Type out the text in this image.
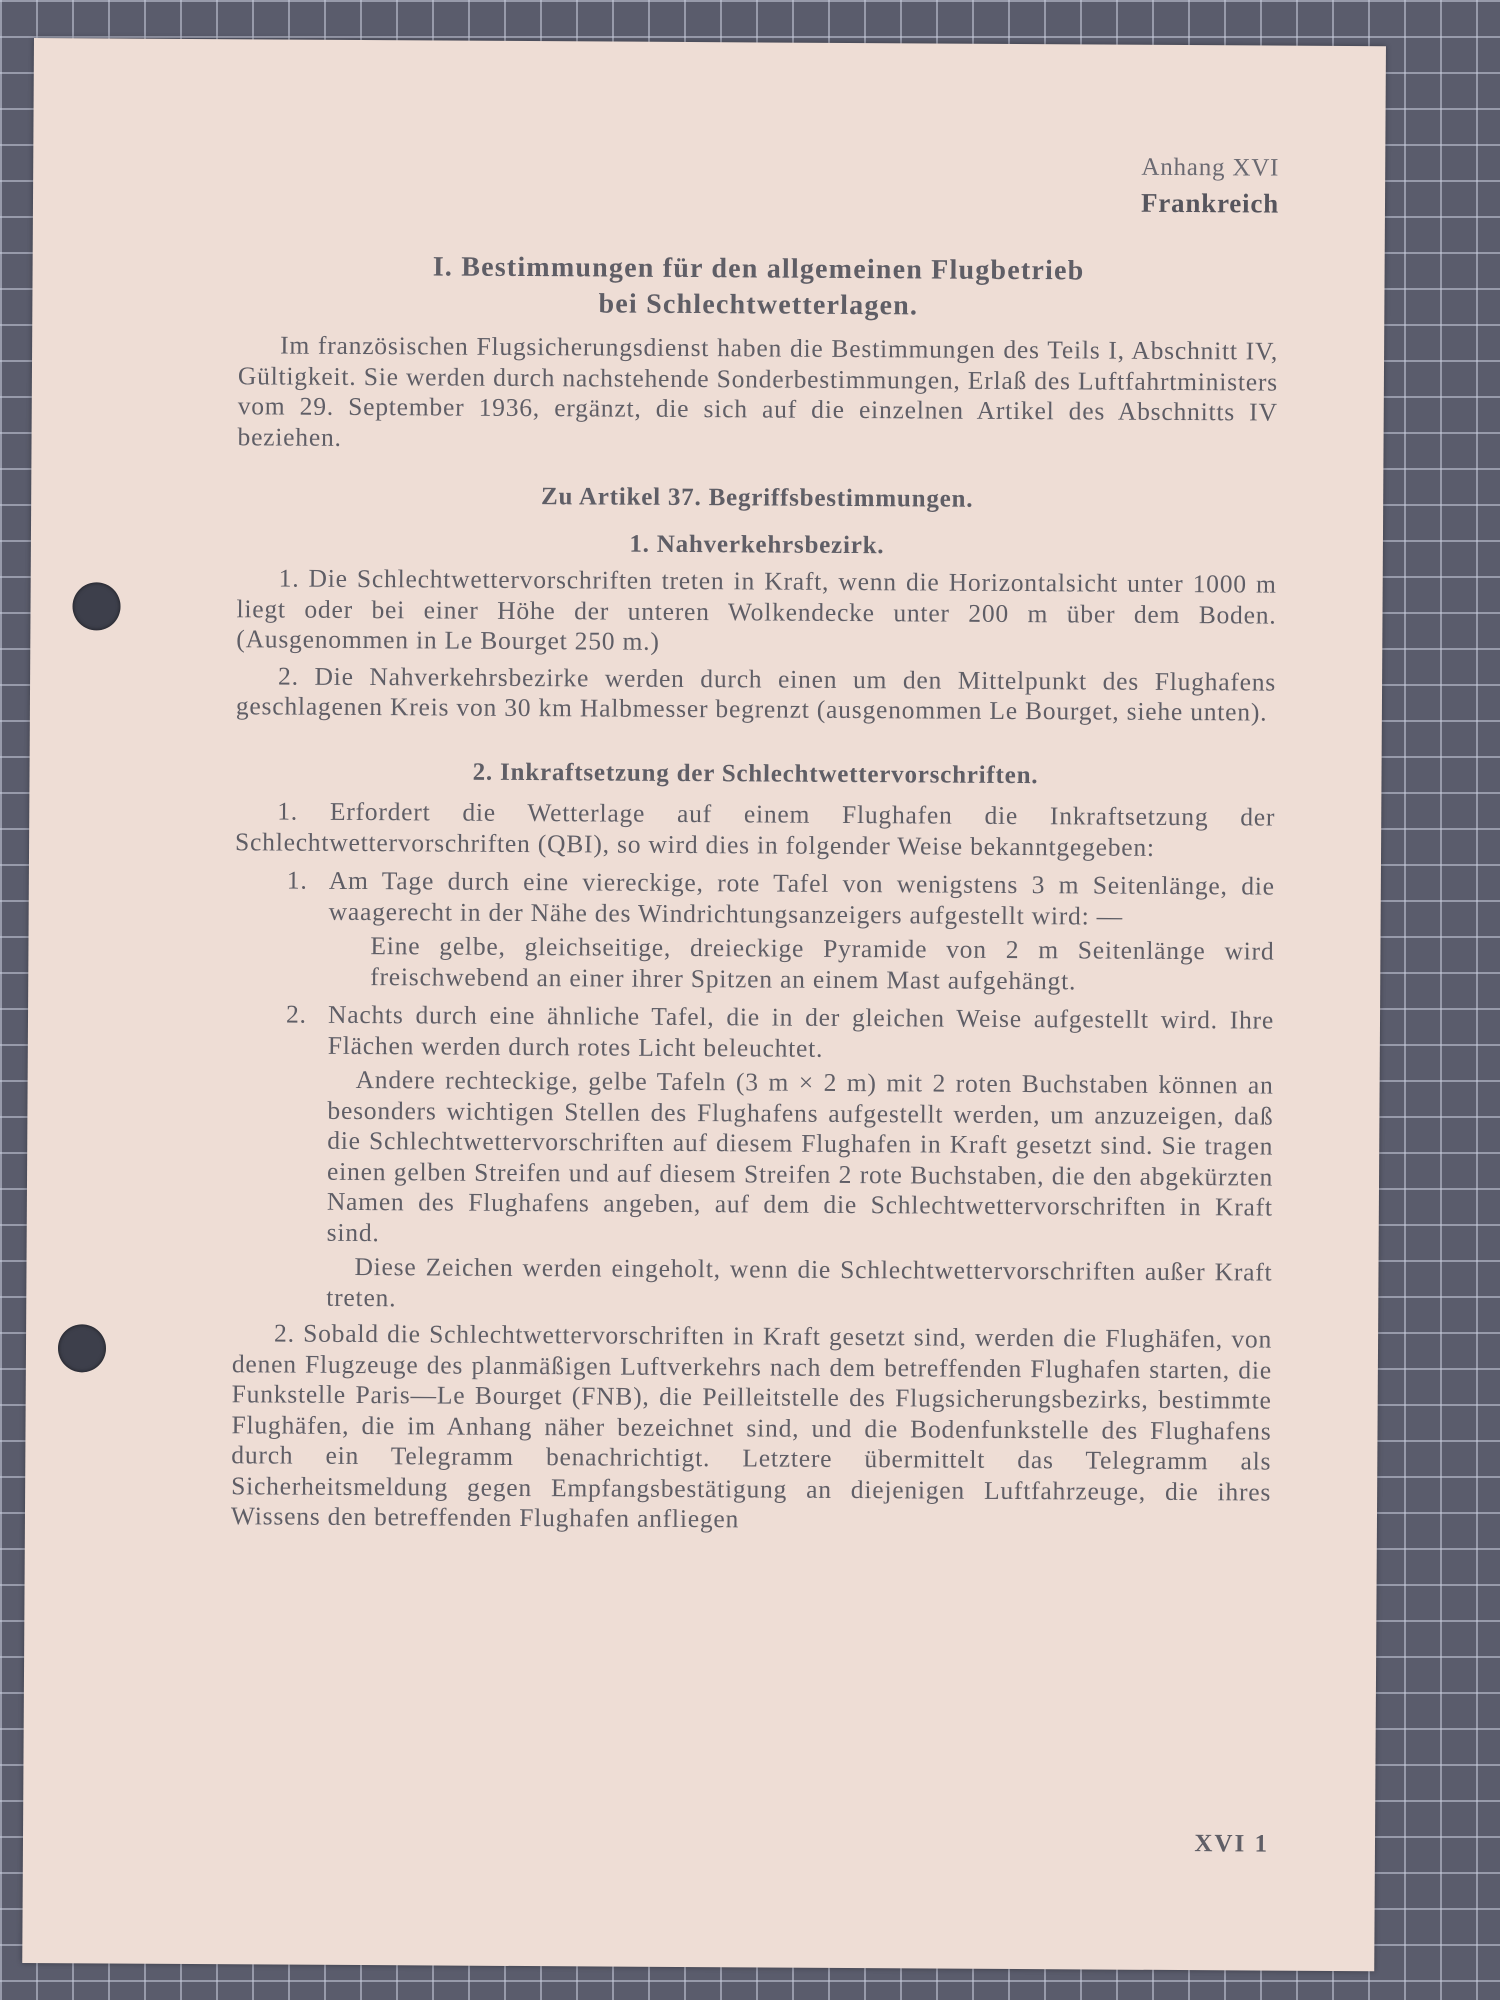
Anhang XVI

Frankreich

I. Bestimmungen für den allgemeinen Flugbetrieb
bei Schlechtwetterlagen.

Im französischen Flugsicherungsdienst haben die Bestimmungen des Teils I, Abschnitt IV, Gültigkeit. Sie werden durch nachstehende Sonderbestimmungen, Erlaß des Luftfahrtministers vom 29. September 1936, ergänzt, die sich auf die einzelnen Artikel des Abschnitts IV beziehen.

Zu Artikel 37. Begriffsbestimmungen.
1. Nahverkehrsbezirk.

1. Die Schlechtwettervorschriften treten in Kraft, wenn die Horizontalsicht unter 1000 m liegt oder bei einer Höhe der unteren Wolkendecke unter 200 m über dem Boden. (Ausgenommen in Le Bourget 250 m.)

2. Die Nahverkehrsbezirke werden durch einen um den Mittelpunkt des Flughafens geschlagenen Kreis von 30 km Halbmesser begrenzt (ausgenommen Le Bourget, siehe unten).

2. Inkraftsetzung der Schlechtwettervorschriften.

1. Erfordert die Wetterlage auf einem Flughafen die Inkraftsetzung der Schlechtwettervorschriften (QBI), so wird dies in folgender Weise bekanntgegeben:

1. Am Tage durch eine viereckige, rote Tafel von wenigstens 3 m Seitenlänge, die waagerecht in der Nähe des Windrichtungsanzeigers aufgestellt wird: —

Eine gelbe, gleichseitige, dreieckige Pyramide von 2 m Seitenlänge wird freischwebend an einer ihrer Spitzen an einem Mast aufgehängt.

2. Nachts durch eine ähnliche Tafel, die in der gleichen Weise aufgestellt wird. Ihre Flächen werden durch rotes Licht beleuchtet.

Andere rechteckige, gelbe Tafeln (3 m × 2 m) mit 2 roten Buchstaben können an besonders wichtigen Stellen des Flughafens aufgestellt werden, um anzuzeigen, daß die Schlechtwettervorschriften auf diesem Flughafen in Kraft gesetzt sind. Sie tragen einen gelben Streifen und auf diesem Streifen 2 rote Buchstaben, die den abgekürzten Namen des Flughafens angeben, auf dem die Schlechtwettervorschriften in Kraft sind.

Diese Zeichen werden eingeholt, wenn die Schlechtwettervorschriften außer Kraft treten.

2. Sobald die Schlechtwettervorschriften in Kraft gesetzt sind, werden die Flughäfen, von denen Flugzeuge des planmäßigen Luftverkehrs nach dem betreffenden Flughafen starten, die Funkstelle Paris—Le Bourget (FNB), die Peilleitstelle des Flugsicherungsbezirks, bestimmte Flughäfen, die im Anhang näher bezeichnet sind, und die Bodenfunkstelle des Flughafens durch ein Telegramm benachrichtigt. Letztere übermittelt das Telegramm als Sicherheitsmeldung gegen Empfangsbestätigung an diejenigen Luftfahrzeuge, die ihres Wissens den betreffenden Flughafen anfliegen

XVI 1
